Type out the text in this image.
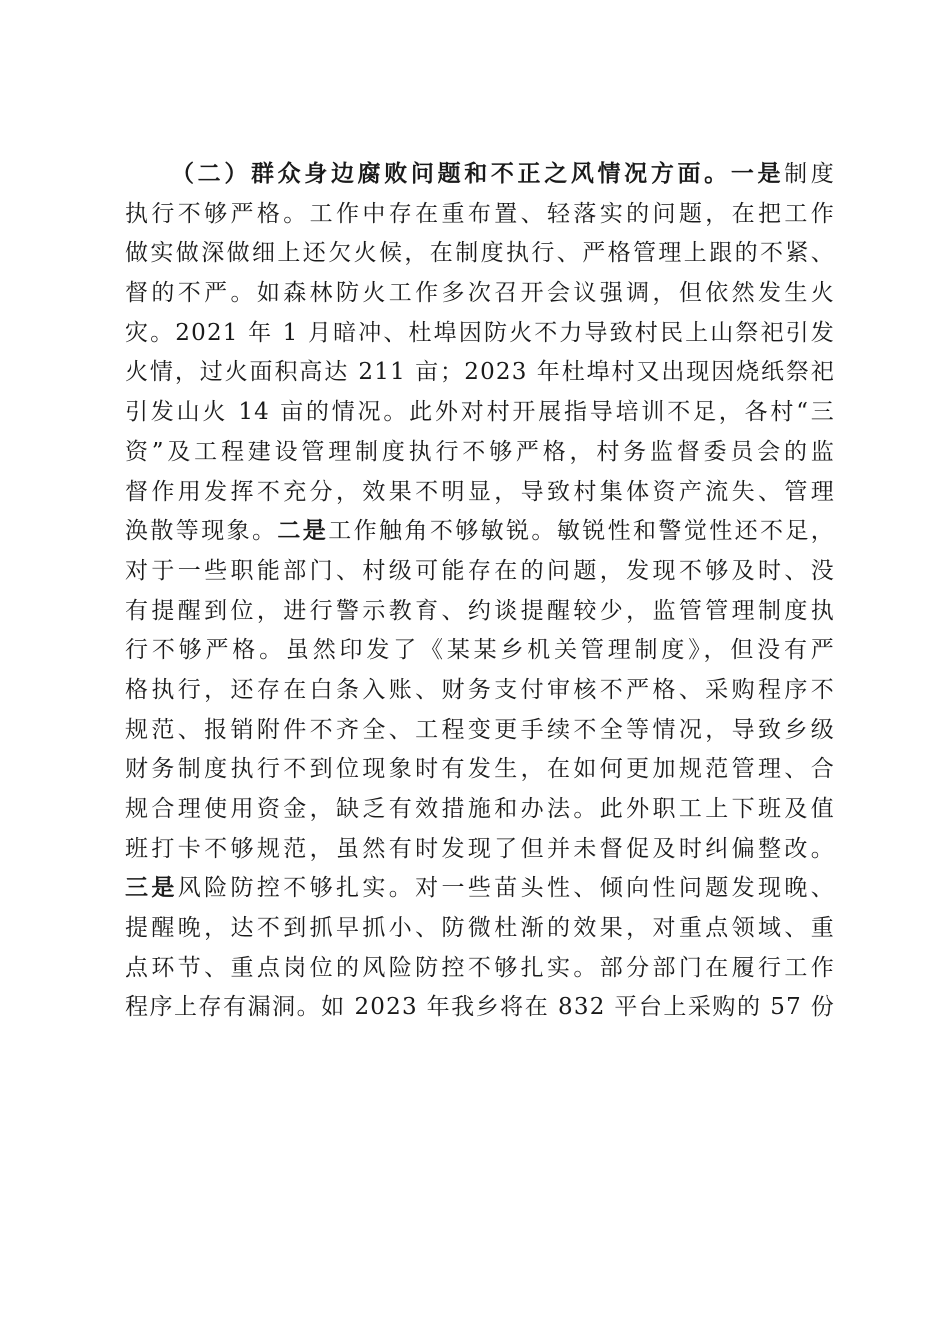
（二）群众身边腐败问题和不正之风情况方面。一是制度
执行不够严格。工作中存在重布置、轻落实的问题，在把工作
做实做深做细上还欠火候，在制度执行、严格管理上跟的不紧、
督的不严。如森林防火工作多次召开会议强调，但依然发生火
灾。2021 年 1 月暗冲、杜埠因防火不力导致村民上山祭祀引发
火情，过火面积高达 211 亩；2023 年杜埠村又出现因烧纸祭祀
引发山火 14 亩的情况。此外对村开展指导培训不足，各村“三
资”及工程建设管理制度执行不够严格，村务监督委员会的监
督作用发挥不充分，效果不明显，导致村集体资产流失、管理
涣散等现象。二是工作触角不够敏锐。敏锐性和警觉性还不足，
对于一些职能部门、村级可能存在的问题，发现不够及时、没
有提醒到位，进行警示教育、约谈提醒较少，监管管理制度执
行不够严格。虽然印发了《某某乡机关管理制度》，但没有严
格执行，还存在白条入账、财务支付审核不严格、采购程序不
规范、报销附件不齐全、工程变更手续不全等情况，导致乡级
财务制度执行不到位现象时有发生，在如何更加规范管理、合
规合理使用资金，缺乏有效措施和办法。此外职工上下班及值
班打卡不够规范，虽然有时发现了但并未督促及时纠偏整改。
三是风险防控不够扎实。对一些苗头性、倾向性问题发现晚、
提醒晚，达不到抓早抓小、防微杜渐的效果，对重点领域、重
点环节、重点岗位的风险防控不够扎实。部分部门在履行工作
程序上存有漏洞。如 2023 年我乡将在 832 平台上采购的 57 份
